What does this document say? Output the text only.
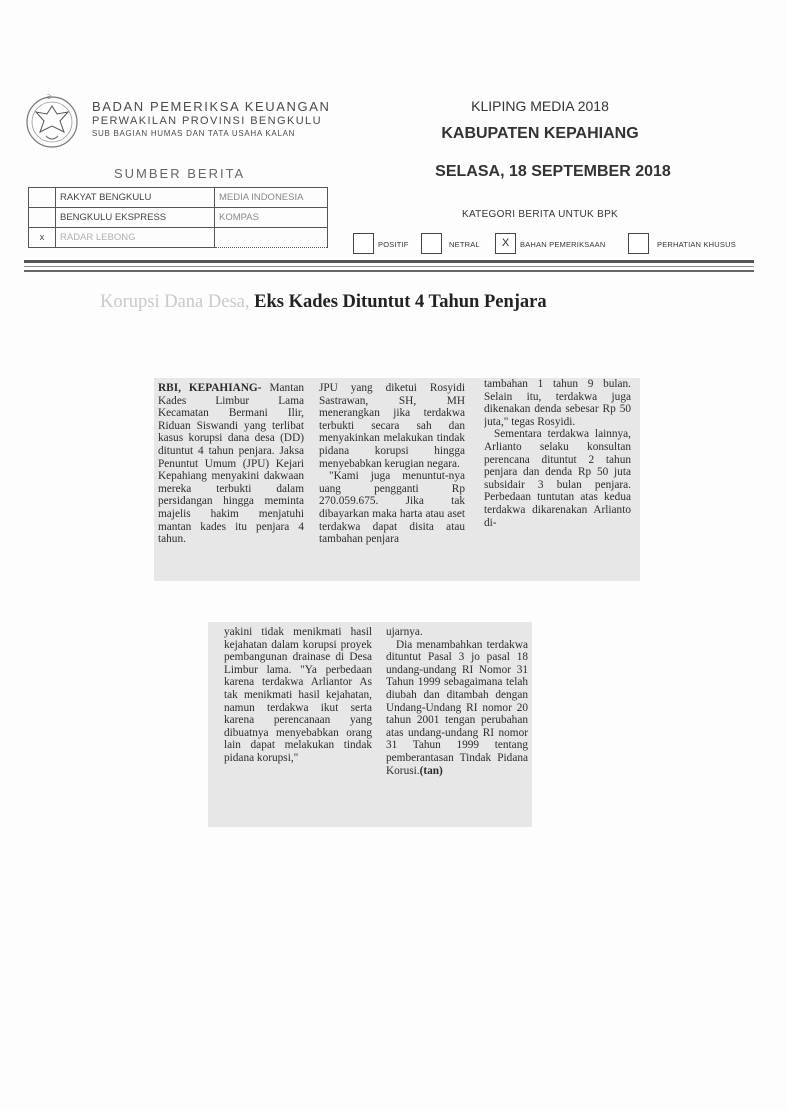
ᘐ
BADAN PEMERIKSA KEUANGAN
PERWAKILAN PROVINSI BENGKULU
SUB BAGIAN HUMAS DAN TATA USAHA KALAN
KLIPING MEDIA 2018
KABUPATEN KEPAHIANG
SELASA, 18 SEPTEMBER 2018
SUMBER BERITA
	RAKYAT BENGKULU	MEDIA INDONESIA
	BENGKULU EKSPRESS	KOMPAS
x	RADAR LEBONG	
KATEGORI BERITA UNTUK BPK
POSITIF	NETRAL	X	BAHAN PEMERIKSAAN	PERHATIAN KHUSUS
Korupsi Dana Desa, Eks Kades Dituntut 4 Tahun Penjara

RBI, KEPAHIANG- Mantan Kades Limbur Lama Kecamatan Bermani Ilir, Riduan Siswandi yang terlibat kasus korupsi dana desa (DD) dituntut 4 tahun penjara. Jaksa Penuntut Umum (JPU) Kejari Kepahiang menyakini dakwaan mereka terbukti dalam persidangan hingga meminta majelis hakim menjatuhi mantan kades itu penjara 4 tahun.

JPU yang diketui Rosyidi Sastrawan, SH, MH menerangkan jika terdakwa terbukti secara sah dan menyakinkan melakukan tindak pidana korupsi hingga menyebabkan kerugian negara.

"Kami juga menuntut-nya uang pengganti Rp 270.059.675. Jika tak dibayarkan maka harta atau aset terdakwa dapat disita atau tambahan penjara

tambahan 1 tahun 9 bulan. Selain itu, terdakwa juga dikenakan denda sebesar Rp 50 juta," tegas Rosyidi.

Sementara terdakwa lainnya, Arlianto selaku konsultan perencana dituntut 2 tahun penjara dan denda Rp 50 juta subsidair 3 bulan penjara. Perbedaan tuntutan atas kedua terdakwa dikarenakan Arlianto di-

yakini tidak menikmati hasil kejahatan dalam korupsi proyek pembangunan drainase di Desa Limbur lama. "Ya perbedaan karena terdakwa Arliantor As tak menikmati hasil kejahatan, namun terdakwa ikut serta karena perencanaan yang dibuatnya menyebabkan orang lain dapat melakukan tindak pidana korupsi,"

ujarnya.

Dia menambahkan terdakwa dituntut Pasal 3 jo pasal 18 undang-undang RI Nomor 31 Tahun 1999 sebagaimana telah diubah dan ditambah dengan Undang-Undang RI nomor 20 tahun 2001 tengan perubahan atas undang-undang RI nomor 31 Tahun 1999 tentang pemberantasan Tindak Pidana Korusi.(tan)
